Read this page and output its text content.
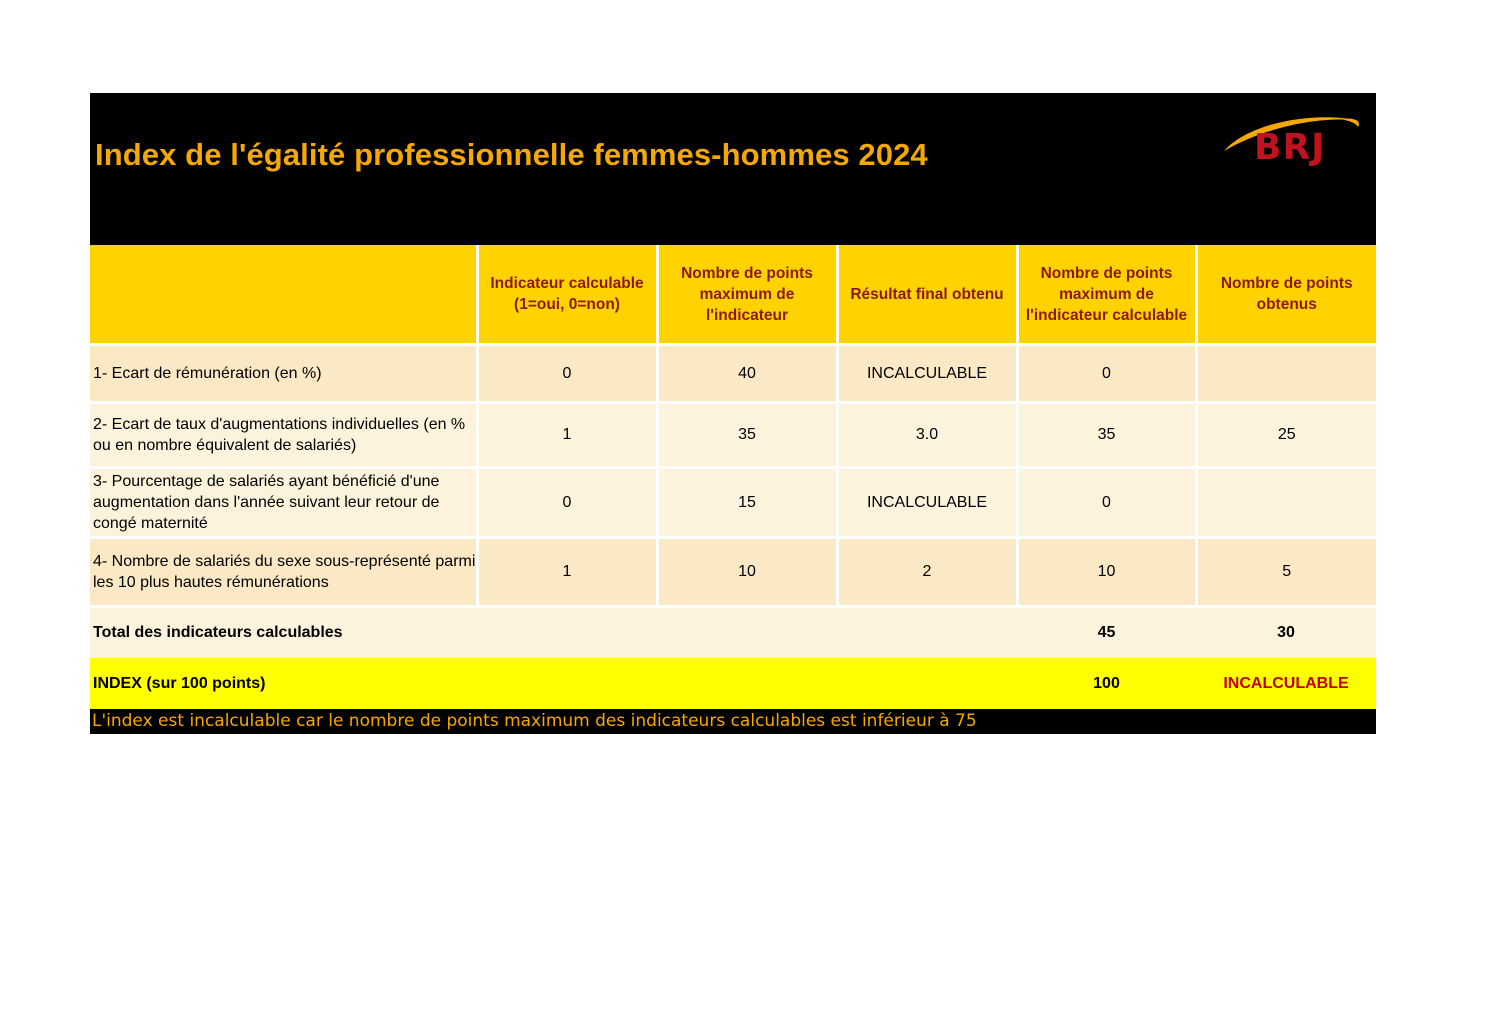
Index de l'égalité professionnelle femmes-hommes 2024	BRJ
	Indicateur calculable (1=oui, 0=non)	Nombre de points maximum de l'indicateur	Résultat final obtenu	Nombre de points maximum de l'indicateur calculable	Nombre de points obtenus
1- Ecart de rémunération (en %)	0	40	INCALCULABLE	0	
2- Ecart de taux d'augmentations individuelles (en % ou en nombre équivalent de salariés)	1	35	3.0	35	25
3- Pourcentage de salariés ayant bénéficié d'une augmentation dans l'année suivant leur retour de congé maternité	0	15	INCALCULABLE	0	
4- Nombre de salariés du sexe sous-représenté parmi les 10 plus hautes rémunérations	1	10	2	10	5
Total des indicateurs calculables				45	30
INDEX (sur 100 points)				100	INCALCULABLE
L'index est incalculable car le nombre de points maximum des indicateurs calculables est inférieur à 75
